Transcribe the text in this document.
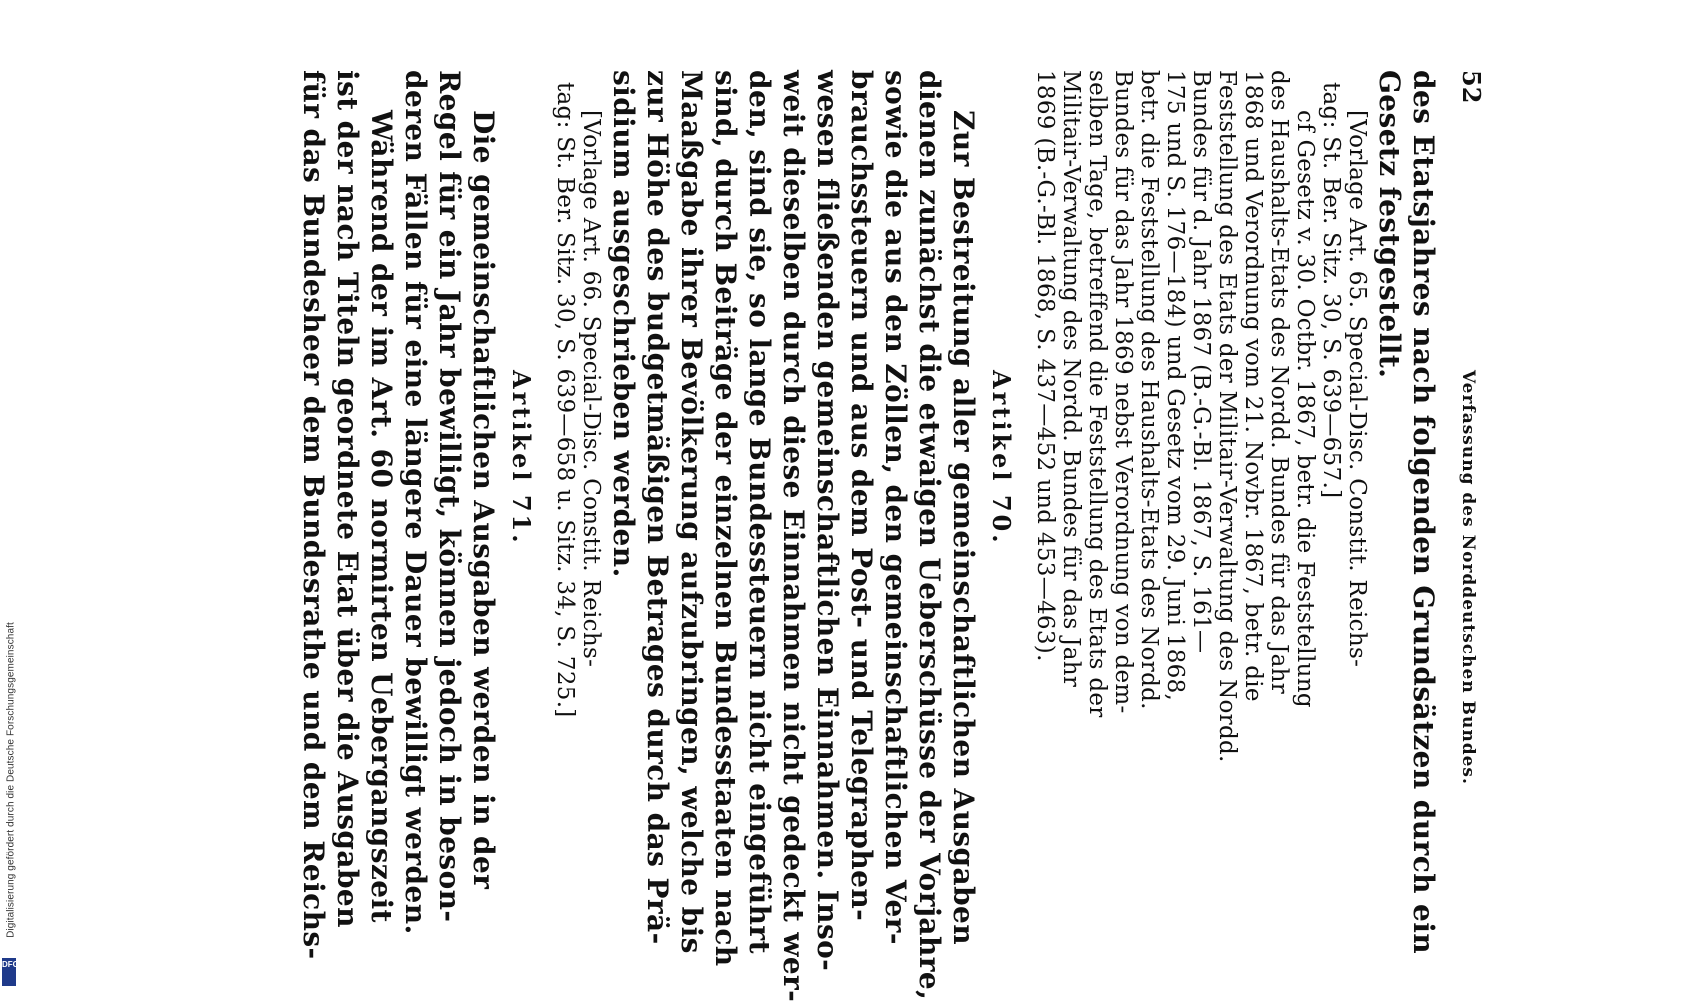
Digitalisierung gefördert durch die Deutsche Forschungsgemeinschaft
DFG
52
Verfassung des Norddeutschen Bundes.
des Etatsjahres nach folgenden Grundsätzen durch ein
Gesetz festgestellt.
[Vorlage Art. 65. Special-Disc. Constit. Reichs-
tag: St. Ber. Sitz. 30, S. 639—657.]
cf Gesetz v. 30. Octbr. 1867, betr. die Feststellung
des Haushalts-Etats des Nordd. Bundes für das Jahr
1868 und Verordnung vom 21. Novbr. 1867, betr. die
Feststellung des Etats der Militair-Verwaltung des Nordd.
Bundes für d. Jahr 1867 (B.-G.-Bl. 1867, S. 161—
175 und S. 176—184) und Gesetz vom 29. Juni 1868,
betr. die Feststellung des Haushalts-Etats des Nordd.
Bundes für das Jahr 1869 nebst Verordnung von dem-
selben Tage, betreffend die Feststellung des Etats der
Militair-Verwaltung des Nordd. Bundes für das Jahr
1869 (B.-G.-Bl. 1868, S. 437—452 und 453—463).
Artikel 70.
Zur Bestreitung aller gemeinschaftlichen Ausgaben
dienen zunächst die etwaigen Ueberschüsse der Vorjahre,
sowie die aus den Zöllen, den gemeinschaftlichen Ver-
brauchssteuern und aus dem Post- und Telegraphen-
wesen fließenden gemeinschaftlichen Einnahmen. Inso-
weit dieselben durch diese Einnahmen nicht gedeckt wer-
den, sind sie, so lange Bundessteuern nicht eingeführt
sind, durch Beiträge der einzelnen Bundesstaaten nach
Maaßgabe ihrer Bevölkerung aufzubringen, welche bis
zur Höhe des budgetmäßigen Betrages durch das Prä-
sidium ausgeschrieben werden.
[Vorlage Art. 66. Special-Disc. Constit. Reichs-
tag: St. Ber. Sitz. 30, S. 639—658 u. Sitz. 34, S. 725.]
Artikel 71.
Die gemeinschaftlichen Ausgaben werden in der
Regel für ein Jahr bewilligt, können jedoch in beson-
deren Fällen für eine längere Dauer bewilligt werden.
Während der im Art. 60 normirten Uebergangszeit
ist der nach Titeln geordnete Etat über die Ausgaben
für das Bundesheer dem Bundesrathe und dem Reichs-
